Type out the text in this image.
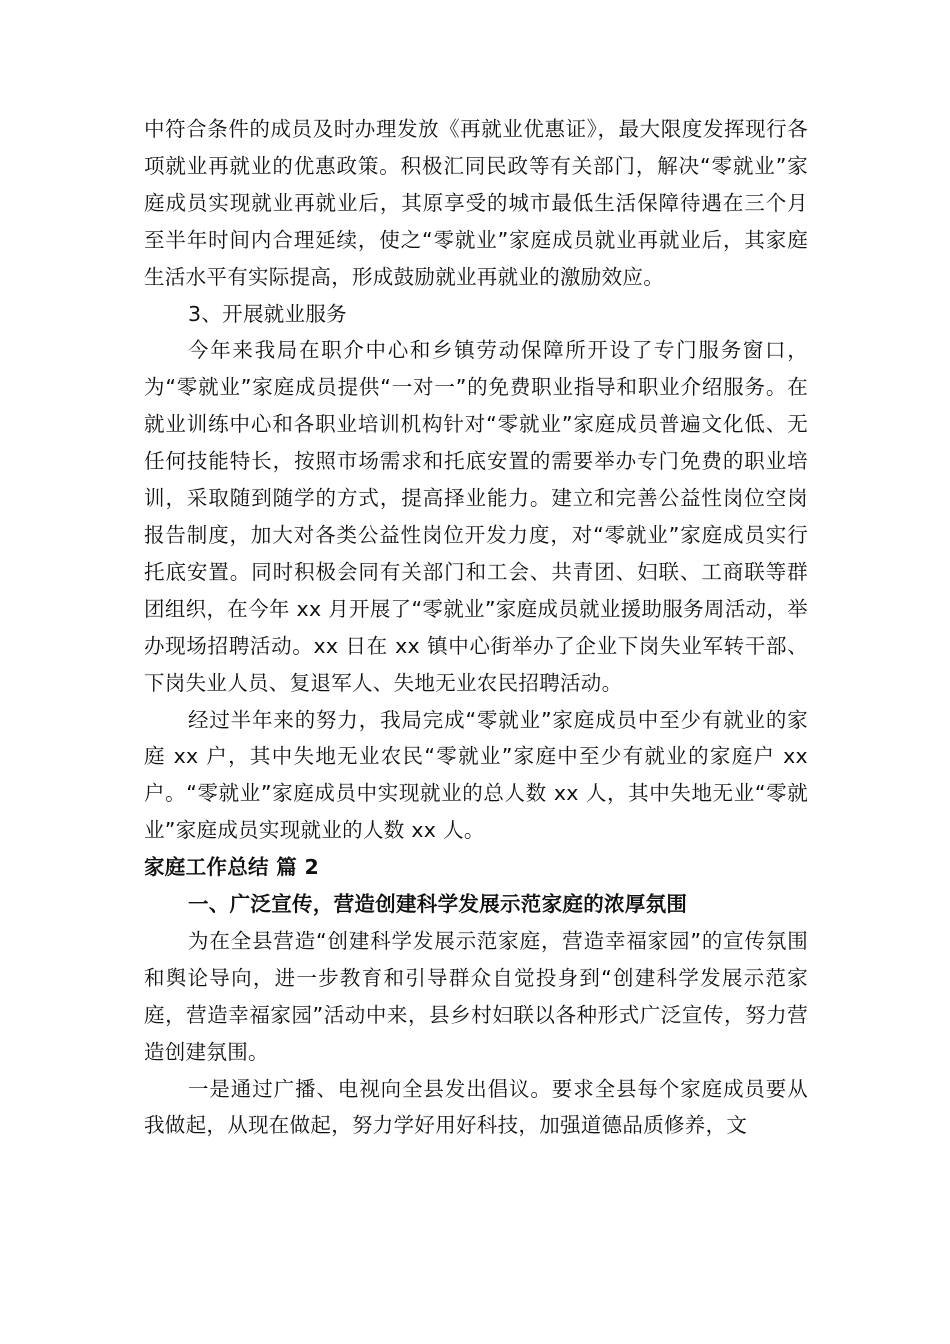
中符合条件的成员及时办理发放《再就业优惠证》，最大限度发挥现行各项就业再就业的优惠政策。积极汇同民政等有关部门，解决“零就业”家庭成员实现就业再就业后，其原享受的城市最低生活保障待遇在三个月至半年时间内合理延续，使之“零就业”家庭成员就业再就业后，其家庭生活水平有实际提高，形成鼓励就业再就业的激励效应。

3、开展就业服务

今年来我局在职介中心和乡镇劳动保障所开设了专门服务窗口，为“零就业”家庭成员提供“一对一”的免费职业指导和职业介绍服务。在就业训练中心和各职业培训机构针对“零就业”家庭成员普遍文化低、无任何技能特长，按照市场需求和托底安置的需要举办专门免费的职业培训，采取随到随学的方式，提高择业能力。建立和完善公益性岗位空岗报告制度，加大对各类公益性岗位开发力度，对“零就业”家庭成员实行托底安置。同时积极会同有关部门和工会、共青团、妇联、工商联等群团组织，在今年 xx 月开展了“零就业”家庭成员就业援助服务周活动，举办现场招聘活动。xx 日在 xx 镇中心街举办了企业下岗失业军转干部、下岗失业人员、复退军人、失地无业农民招聘活动。

经过半年来的努力，我局完成“零就业”家庭成员中至少有就业的家庭 xx 户，其中失地无业农民“零就业”家庭中至少有就业的家庭户 xx 户。“零就业”家庭成员中实现就业的总人数 xx 人，其中失地无业“零就业”家庭成员实现就业的人数 xx 人。

家庭工作总结 篇 2

一、广泛宣传，营造创建科学发展示范家庭的浓厚氛围

为在全县营造“创建科学发展示范家庭，营造幸福家园”的宣传氛围和舆论导向，进一步教育和引导群众自觉投身到“创建科学发展示范家庭，营造幸福家园”活动中来，县乡村妇联以各种形式广泛宣传，努力营造创建氛围。

一是通过广播、电视向全县发出倡议。要求全县每个家庭成员要从我做起，从现在做起，努力学好用好科技，加强道德品质修养，文
